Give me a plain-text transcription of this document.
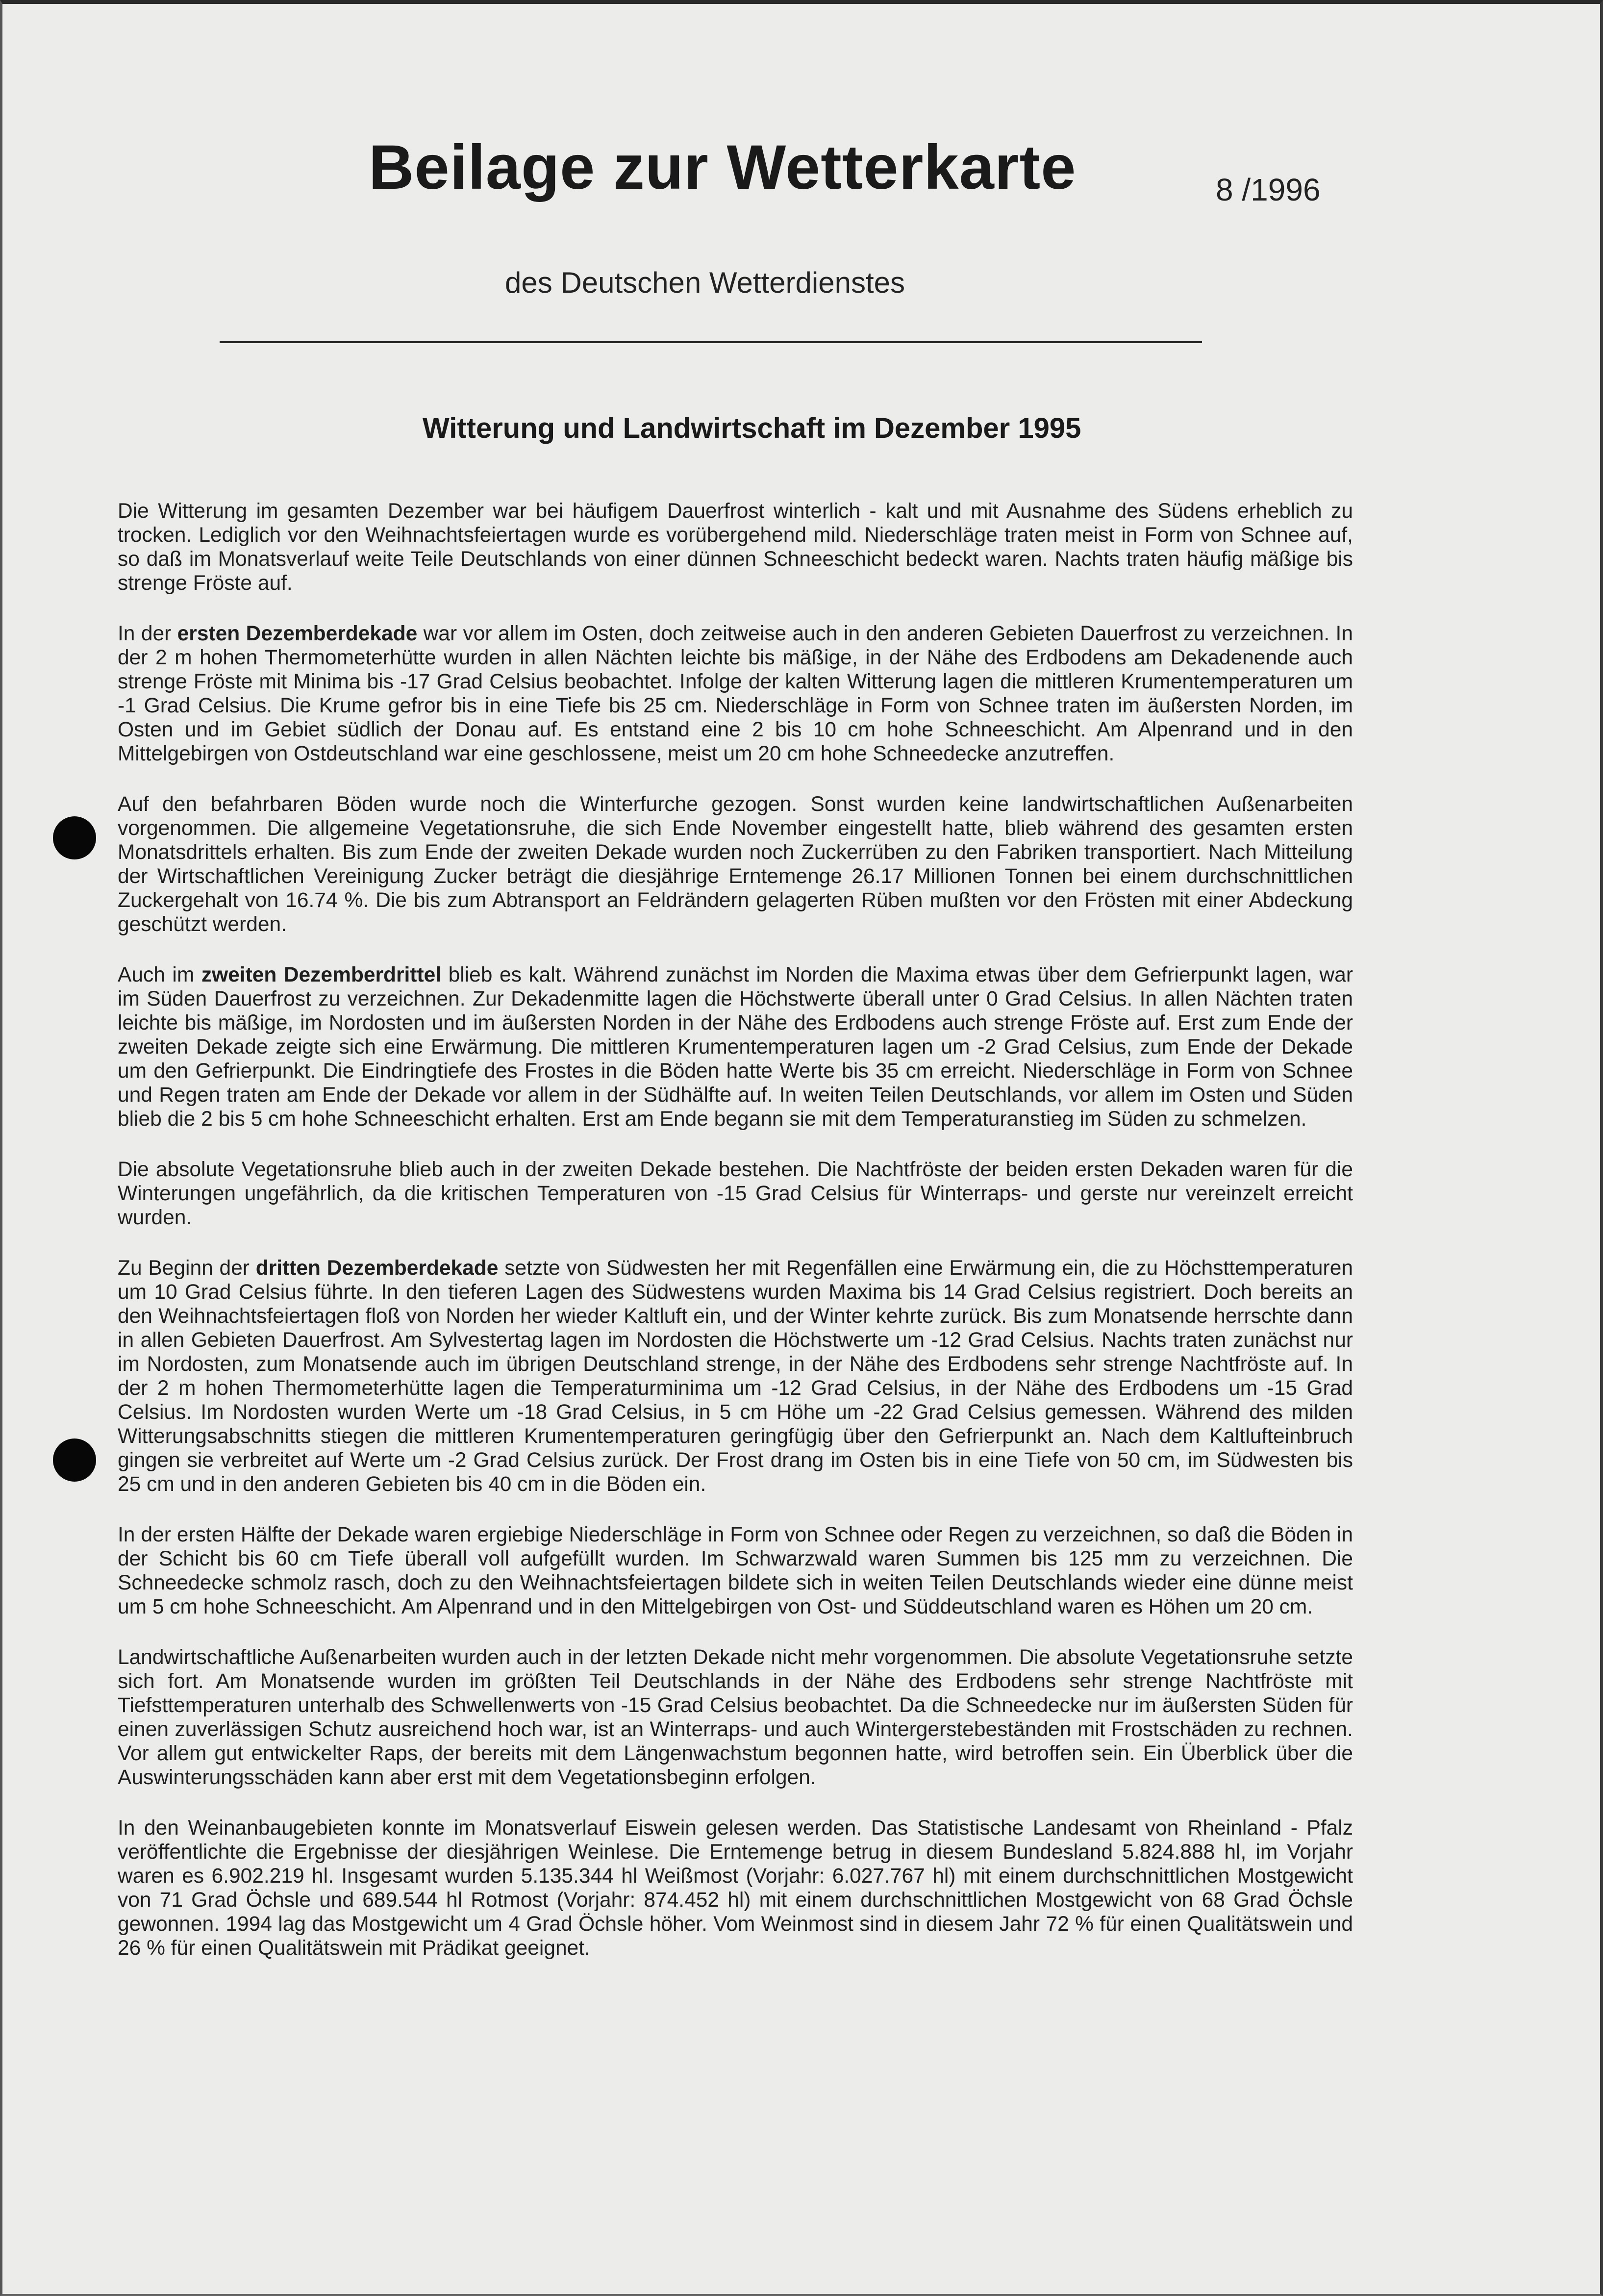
Beilage zur Wetterkarte	8 /1996
des Deutschen Wetterdienstes
Witterung und Landwirtschaft im Dezember 1995

Die Witterung im gesamten Dezember war bei häufigem Dauerfrost winterlich - kalt und mit Ausnahme des Südens erheblich zu trocken. Lediglich vor den Weihnachtsfeiertagen wurde es vorübergehend mild. Niederschläge traten meist in Form von Schnee auf, so daß im Monatsverlauf weite Teile Deutschlands von einer dünnen Schneeschicht bedeckt waren. Nachts traten häufig mäßige bis strenge Fröste auf.

In der ersten Dezemberdekade war vor allem im Osten, doch zeitweise auch in den anderen Gebieten Dauerfrost zu verzeichnen. In der 2 m hohen Thermometerhütte wurden in allen Nächten leichte bis mäßige, in der Nähe des Erdbodens am Dekadenende auch strenge Fröste mit Minima bis -17 Grad Celsius beobachtet. Infolge der kalten Witterung lagen die mittleren Krumentemperaturen um -1 Grad Celsius. Die Krume gefror bis in eine Tiefe bis 25 cm. Niederschläge in Form von Schnee traten im äußersten Norden, im Osten und im Gebiet südlich der Donau auf. Es entstand eine 2 bis 10 cm hohe Schneeschicht. Am Alpenrand und in den Mittelgebirgen von Ostdeutschland war eine geschlossene, meist um 20 cm hohe Schneedecke anzutreffen.

Auf den befahrbaren Böden wurde noch die Winterfurche gezogen. Sonst wurden keine landwirtschaftlichen Außenarbeiten vorgenommen. Die allgemeine Vegetationsruhe, die sich Ende November eingestellt hatte, blieb während des gesamten ersten Monatsdrittels erhalten. Bis zum Ende der zweiten Dekade wurden noch Zuckerrüben zu den Fabriken transportiert. Nach Mitteilung der Wirtschaftlichen Vereinigung Zucker beträgt die diesjährige Erntemenge 26.17 Millionen Tonnen bei einem durchschnittlichen Zuckergehalt von 16.74 %. Die bis zum Abtransport an Feldrändern gelagerten Rüben mußten vor den Frösten mit einer Abdeckung geschützt werden.

Auch im zweiten Dezemberdrittel blieb es kalt. Während zunächst im Norden die Maxima etwas über dem Gefrierpunkt lagen, war im Süden Dauerfrost zu verzeichnen. Zur Dekadenmitte lagen die Höchstwerte überall unter 0 Grad Celsius. In allen Nächten traten leichte bis mäßige, im Nordosten und im äußersten Norden in der Nähe des Erdbodens auch strenge Fröste auf. Erst zum Ende der zweiten Dekade zeigte sich eine Erwärmung. Die mittleren Krumentemperaturen lagen um -2 Grad Celsius, zum Ende der Dekade um den Gefrierpunkt. Die Eindringtiefe des Frostes in die Böden hatte Werte bis 35 cm erreicht. Niederschläge in Form von Schnee und Regen traten am Ende der Dekade vor allem in der Südhälfte auf. In weiten Teilen Deutschlands, vor allem im Osten und Süden blieb die 2 bis 5 cm hohe Schneeschicht erhalten. Erst am Ende begann sie mit dem Temperaturanstieg im Süden zu schmelzen.

Die absolute Vegetationsruhe blieb auch in der zweiten Dekade bestehen. Die Nachtfröste der beiden ersten Dekaden waren für die Winterungen ungefährlich, da die kritischen Temperaturen von -15 Grad Celsius für Winterraps- und gerste nur vereinzelt erreicht wurden.

Zu Beginn der dritten Dezemberdekade setzte von Südwesten her mit Regenfällen eine Erwärmung ein, die zu Höchsttemperaturen um 10 Grad Celsius führte. In den tieferen Lagen des Südwestens wurden Maxima bis 14 Grad Celsius registriert. Doch bereits an den Weihnachtsfeiertagen floß von Norden her wieder Kaltluft ein, und der Winter kehrte zurück. Bis zum Monatsende herrschte dann in allen Gebieten Dauerfrost. Am Sylvestertag lagen im Nordosten die Höchstwerte um -12 Grad Celsius. Nachts traten zunächst nur im Nordosten, zum Monatsende auch im übrigen Deutschland strenge, in der Nähe des Erdbodens sehr strenge Nachtfröste auf. In der 2 m hohen Thermometerhütte lagen die Temperaturminima um -12 Grad Celsius, in der Nähe des Erdbodens um -15 Grad Celsius. Im Nordosten wurden Werte um -18 Grad Celsius, in 5 cm Höhe um -22 Grad Celsius gemessen. Während des milden Witterungsabschnitts stiegen die mittleren Krumentemperaturen geringfügig über den Gefrierpunkt an. Nach dem Kaltlufteinbruch gingen sie verbreitet auf Werte um -2 Grad Celsius zurück. Der Frost drang im Osten bis in eine Tiefe von 50 cm, im Südwesten bis 25 cm und in den anderen Gebieten bis 40 cm in die Böden ein.

In der ersten Hälfte der Dekade waren ergiebige Niederschläge in Form von Schnee oder Regen zu verzeichnen, so daß die Böden in der Schicht bis 60 cm Tiefe überall voll aufgefüllt wurden. Im Schwarzwald waren Summen bis 125 mm zu verzeichnen. Die Schneedecke schmolz rasch, doch zu den Weihnachtsfeiertagen bildete sich in weiten Teilen Deutschlands wieder eine dünne meist um 5 cm hohe Schneeschicht. Am Alpenrand und in den Mittelgebirgen von Ost- und Süddeutschland waren es Höhen um 20 cm.

Landwirtschaftliche Außenarbeiten wurden auch in der letzten Dekade nicht mehr vorgenommen. Die absolute Vegetationsruhe setzte sich fort. Am Monatsende wurden im größten Teil Deutschlands in der Nähe des Erdbodens sehr strenge Nachtfröste mit Tiefsttemperaturen unterhalb des Schwellenwerts von -15 Grad Celsius beobachtet. Da die Schneedecke nur im äußersten Süden für einen zuverlässigen Schutz ausreichend hoch war, ist an Winterraps- und auch Wintergerstebeständen mit Frostschäden zu rechnen. Vor allem gut entwickelter Raps, der bereits mit dem Längenwachstum begonnen hatte, wird betroffen sein. Ein Überblick über die Auswinterungsschäden kann aber erst mit dem Vegetationsbeginn erfolgen.

In den Weinanbaugebieten konnte im Monatsverlauf Eiswein gelesen werden. Das Statistische Landesamt von Rheinland - Pfalz veröffentlichte die Ergebnisse der diesjährigen Weinlese. Die Erntemenge betrug in diesem Bundesland 5.824.888 hl, im Vorjahr waren es 6.902.219 hl. Insgesamt wurden 5.135.344 hl Weißmost (Vorjahr: 6.027.767 hl) mit einem durchschnittlichen Mostgewicht von 71 Grad Öchsle und 689.544 hl Rotmost (Vorjahr: 874.452 hl) mit einem durchschnittlichen Mostgewicht von 68 Grad Öchsle gewonnen. 1994 lag das Mostgewicht um 4 Grad Öchsle höher. Vom Weinmost sind in diesem Jahr 72 % für einen Qualitätswein und 26 % für einen Qualitätswein mit Prädikat geeignet.
